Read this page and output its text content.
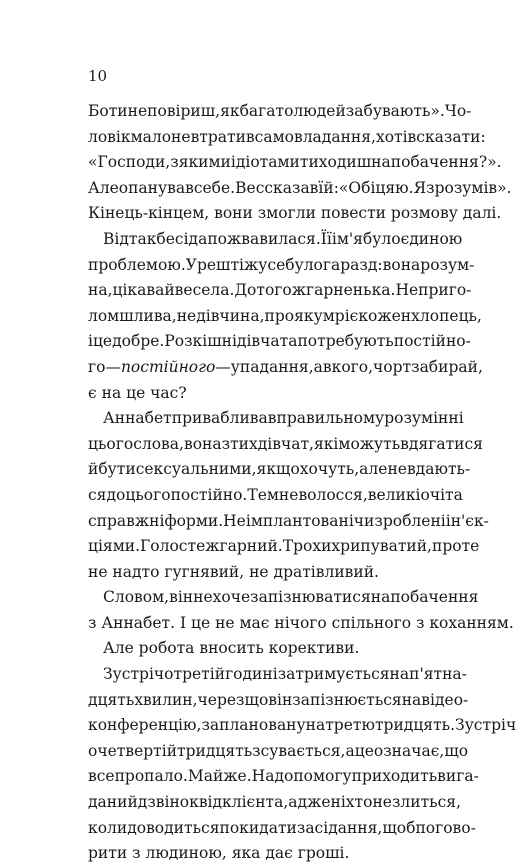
10
Бо ти не повіриш, як багато людей забувають». Чо-
ловік мало не втратив самовладання, хотів сказати:
«Господи, з якими ідіотами ти ходиш на побачення?».
Але опанував себе. Вес сказав їй: «Обіцяю. Я зрозумів».
Кінець-кінцем, вони змогли повести розмову далі.
Відтак бесіда пожвавилася. Її ім'я було єдиною
проблемою. У решті ж усе було гаразд: вона розум-
на, цікава й весела. До того ж гарненька. Не приго-
ломшлива, не дівчина, про яку мріє кожен хлопець,
і це добре. Розкішні дівчата потребують постійно-
го — постійного — упадання, а в кого, чорт забирай,
є на це час?
Аннабет приваблива в правильному розумінні
цього слова, вона з тих дівчат, які можуть вдягатися
й бути сексуальними, якщо хочуть, але не вдають-
ся до цього постійно. Темне волосся, великі очі та
справжні форми. Не імплантовані чи зроблені ін'єк-
ціями. Голос теж гарний. Трохи хрипуватий, проте
не надто гугнявий, не дратівливий.
Словом, він не хоче запізнюватися на побачення
з Аннабет. І це не має нічого спільного з коханням.
Але робота вносить корективи.
Зустріч о третій годині затримується на п'ятна-
дцять хвилин, через що він запізнюється на відео-
конференцію, заплановану на третю тридцять. Зустріч
о четвертій тридцять зсувається, а це означає, що
все пропало. Майже. На допомогу приходить вига-
даний дзвінок від клієнта, адже ніхто не злиться,
коли доводиться покидати засідання, щоб поговo-
рити з людиною, яка дає гроші.
